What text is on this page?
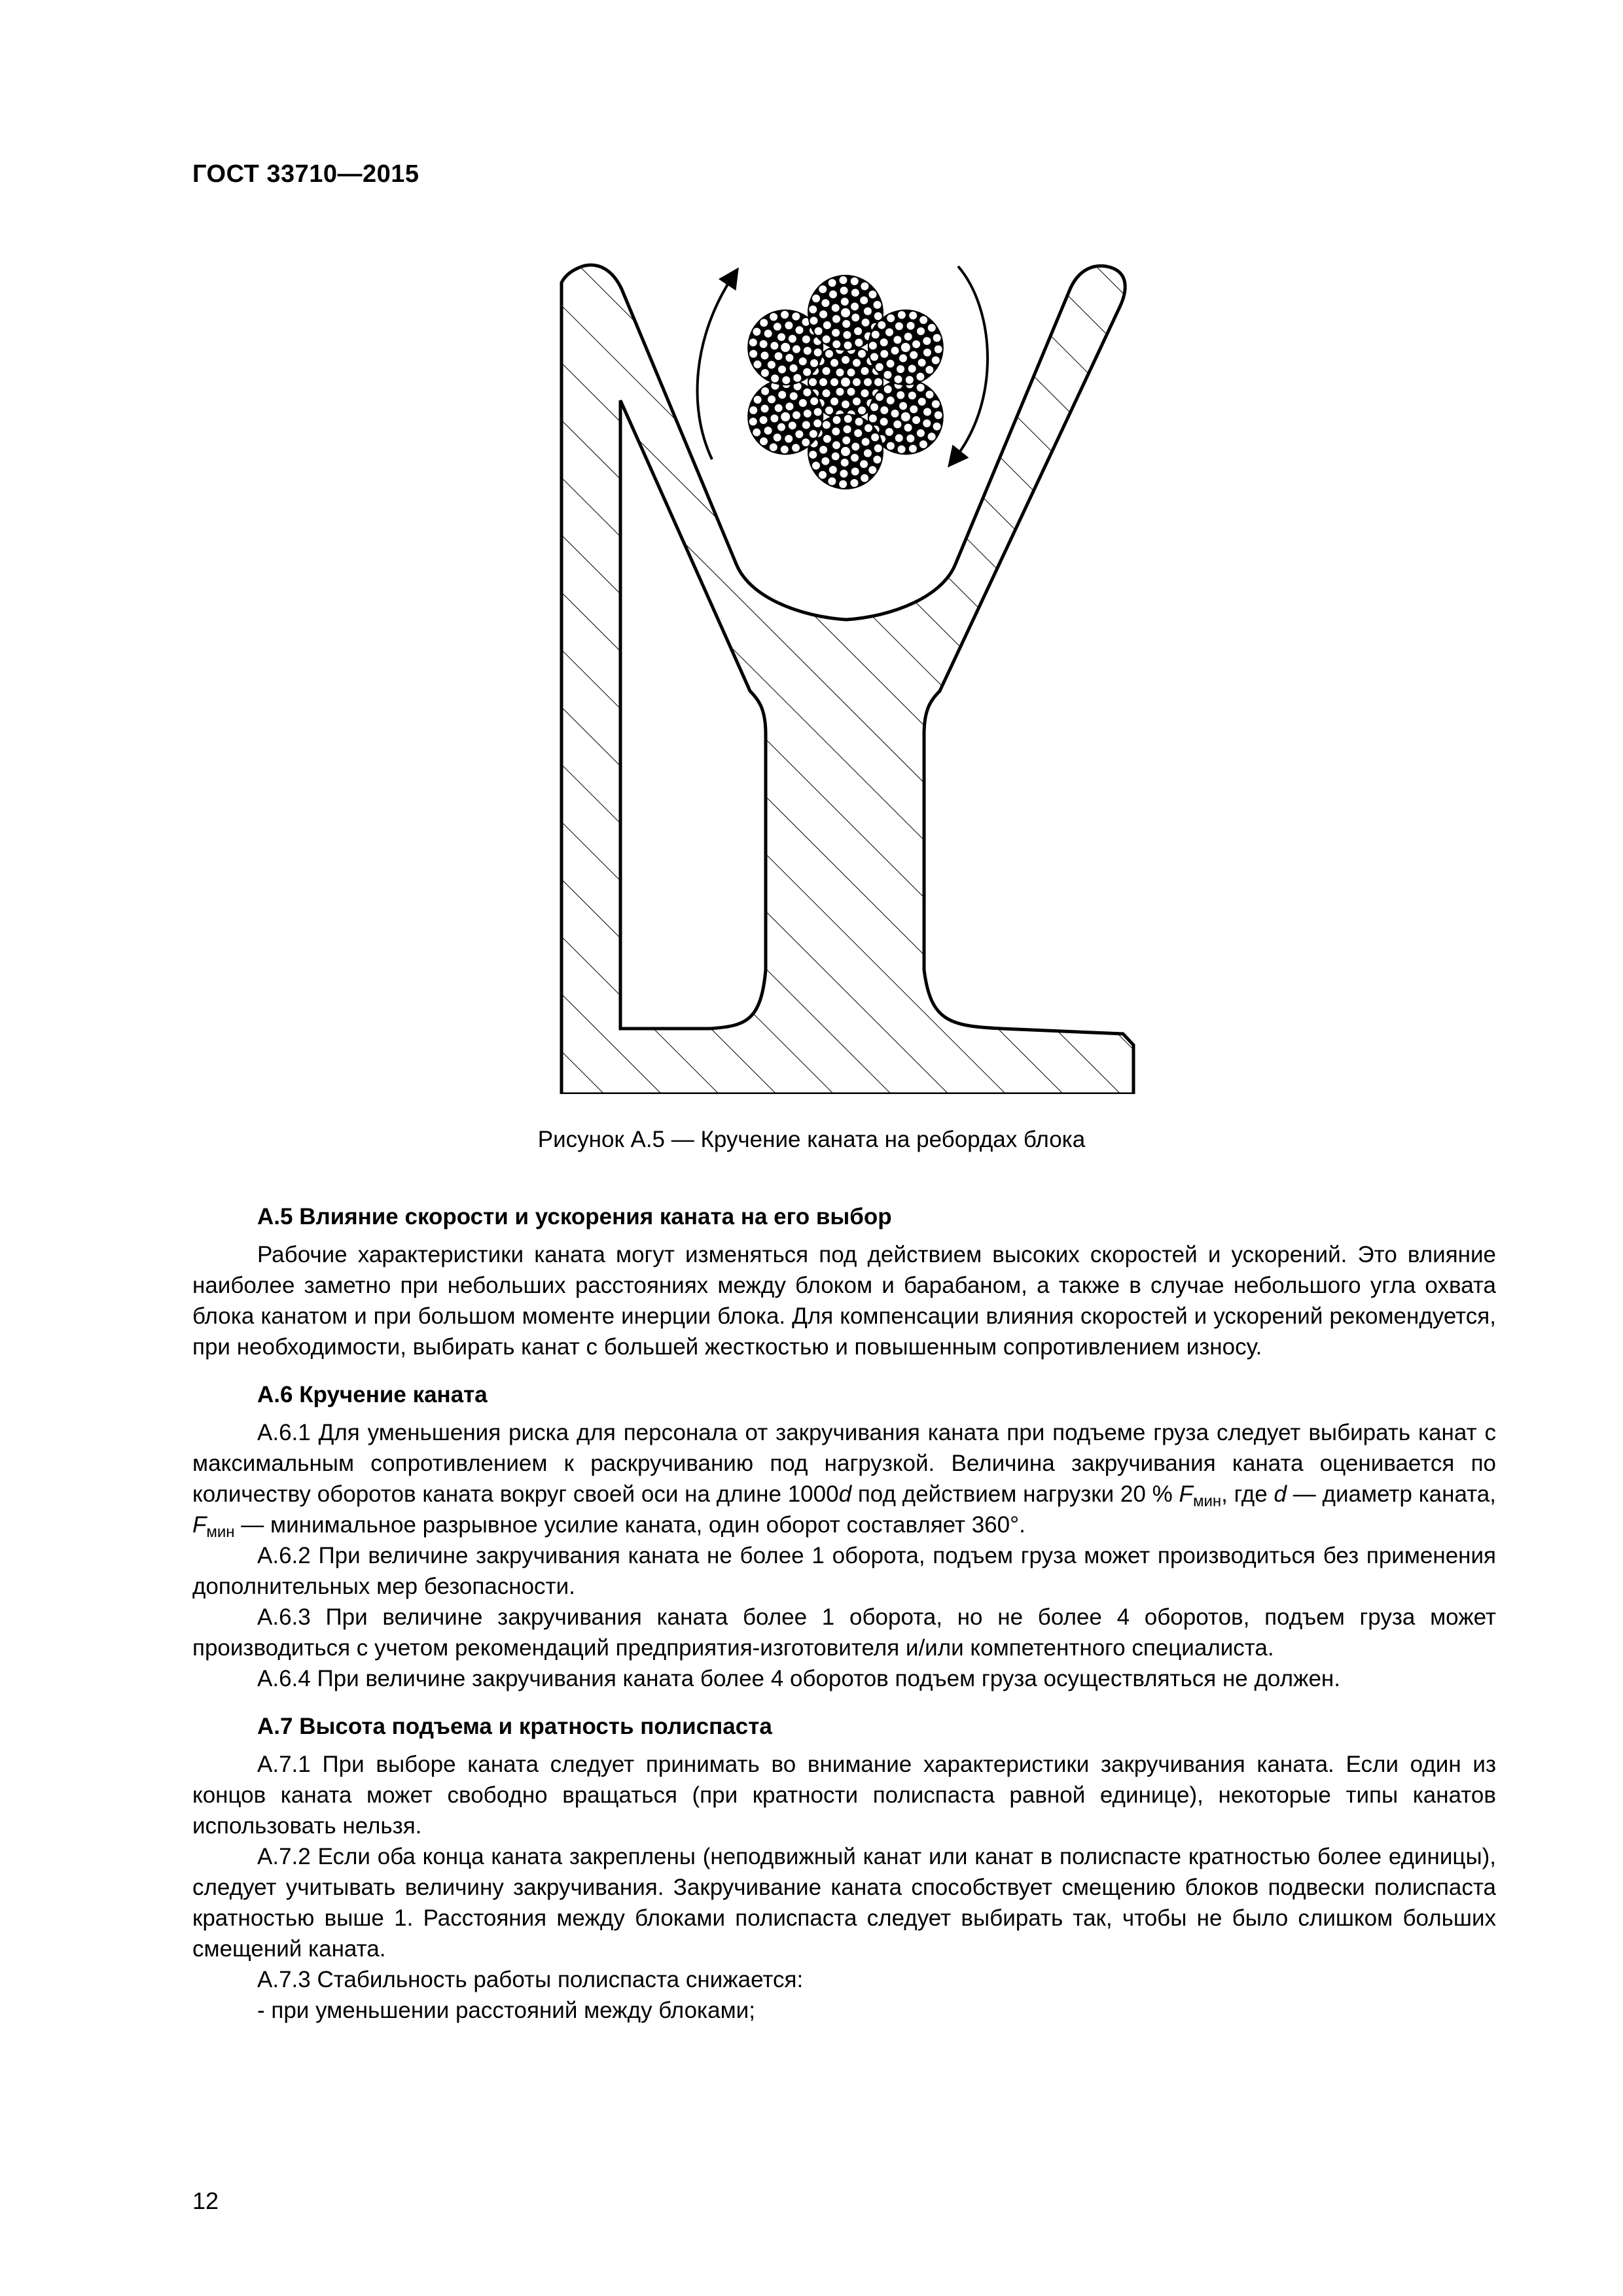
ГОСТ 33710—2015
Рисунок А.5 — Кручение каната на ребордах блока
А.5 Влияние скорости и ускорения каната на его выбор

Рабочие характеристики каната могут изменяться под действием высоких скоростей и ускорений. Это влияние наиболее заметно при небольших расстояниях между блоком и барабаном, а также в случае небольшого угла охвата блока канатом и при большом моменте инерции блока. Для компенсации влияния скоростей и ускорений рекомендуется, при необходимости, выбирать канат с большей жесткостью и повышенным сопротивлением износу.

А.6 Кручение каната

А.6.1 Для уменьшения риска для персонала от закручивания каната при подъеме груза следует выбирать канат с максимальным сопротивлением к раскручиванию под нагрузкой. Величина закручивания каната оценивается по количеству оборотов каната вокруг своей оси на длине 1000d под действием нагрузки 20 % $F_{мин}$, где d — диаметр каната, $F_{мин}$ — минимальное разрывное усилие каната, один оборот составляет 360°.

А.6.2 При величине закручивания каната не более 1 оборота, подъем груза может производиться без применения дополнительных мер безопасности.

А.6.3 При величине закручивания каната более 1 оборота, но не более 4 оборотов, подъем груза может производиться с учетом рекомендаций предприятия-изготовителя и/или компетентного специалиста.

А.6.4 При величине закручивания каната более 4 оборотов подъем груза осуществляться не должен.

А.7 Высота подъема и кратность полиспаста

А.7.1 При выборе каната следует принимать во внимание характеристики закручивания каната. Если один из концов каната может свободно вращаться (при кратности полиспаста равной единице), некоторые типы канатов использовать нельзя.

А.7.2 Если оба конца каната закреплены (неподвижный канат или канат в полиспасте кратностью более единицы), следует учитывать величину закручивания. Закручивание каната способствует смещению блоков подвески полиспаста кратностью выше 1. Расстояния между блоками полиспаста следует выбирать так, чтобы не было слишком больших смещений каната.

А.7.3 Стабильность работы полиспаста снижается:

- при уменьшении расстояний между блоками;

12
